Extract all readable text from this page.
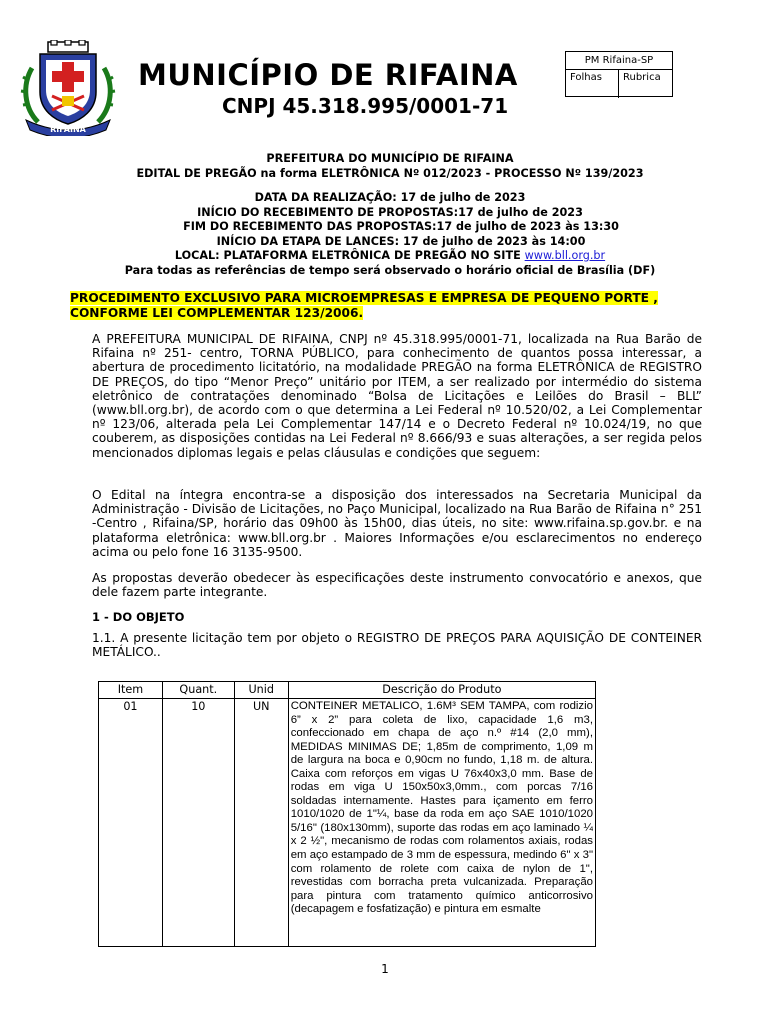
RIFAINA
MUNICÍPIO DE RIFAINA
CNPJ 45.318.995/0001-71
PM Rifaina-SP
Folhas	Rubrica
PREFEITURA DO MUNICÍPIO DE RIFAINA
EDITAL DE PREGÃO na forma ELETRÔNICA Nº 012/2023 - PROCESSO Nº 139/2023
DATA DA REALIZAÇÃO: 17 de julho de 2023
INÍCIO DO RECEBIMENTO DE PROPOSTAS:17 de julho de 2023
FIM DO RECEBIMENTO DAS PROPOSTAS:17 de julho de 2023 às 13:30
INÍCIO DA ETAPA DE LANCES: 17 de julho de 2023 às 14:00
LOCAL: PLATAFORMA ELETRÔNICA DE PREGÃO NO SITE www.bll.org.br
Para todas as referências de tempo será observado o horário oficial de Brasília (DF)
PROCEDIMENTO EXCLUSIVO PARA MICROEMPRESAS E EMPRESA DE PEQUENO PORTE ,
CONFORME LEI COMPLEMENTAR 123/2006.
A PREFEITURA MUNICIPAL DE RIFAINA, CNPJ nº 45.318.995/0001-71, localizada na Rua Barão de Rifaina nº 251- centro, TORNA PÚBLICO, para conhecimento de quantos possa interessar, a abertura de procedimento licitatório, na modalidade PREGÃO na forma ELETRÔNICA de REGISTRO DE PREÇOS, do tipo “Menor Preço” unitário por ITEM, a ser realizado por intermédio do sistema eletrônico de contratações denominado “Bolsa de Licitações e Leilões do Brasil – BLL” (www.bll.org.br), de acordo com o que determina a Lei Federal nº 10.520/02, a Lei Complementar nº 123/06, alterada pela Lei Complementar 147/14 e o Decreto Federal nº 10.024/19, no que couberem, as disposições contidas na Lei Federal nº 8.666/93 e suas alterações, a ser regida pelos mencionados diplomas legais e pelas cláusulas e condições que seguem:
O Edital na íntegra encontra-se a disposição dos interessados na Secretaria Municipal da Administração - Divisão de Licitações, no Paço Municipal, localizado na Rua Barão de Rifaina n° 251 -Centro , Rifaina/SP, horário das 09h00 às 15h00, dias úteis, no site: www.rifaina.sp.gov.br. e na plataforma eletrônica: www.bll.org.br . Maiores Informações e/ou esclarecimentos no endereço acima ou pelo fone 16 3135-9500.
As propostas deverão obedecer às especificações deste instrumento convocatório e anexos, que dele fazem parte integrante.
1 - DO OBJETO
1.1. A presente licitação tem por objeto o REGISTRO DE PREÇOS PARA AQUISIÇÃO DE CONTEINER METÁLICO..
Item	Quant.	Unid	Descrição do Produto
01	10	UN	CONTEINER METALICO, 1.6M³ SEM TAMPA, com rodizio 6” x 2” para coleta de lixo, capacidade 1,6 m3, confeccionado em chapa de aço n.º #14 (2,0 mm), MEDIDAS MINIMAS DE; 1,85m de comprimento, 1,09 m de largura na boca e 0,90cm no fundo, 1,18 m. de altura. Caixa com reforços em vigas U 76x40x3,0 mm. Base de rodas em viga U 150x50x3,0mm., com porcas 7/16 soldadas internamente. Hastes para içamento em ferro 1010/1020 de 1"¼, base da roda em aço SAE 1010/1020 5/16" (180x130mm), suporte das rodas em aço laminado ¼ x 2 ½", mecanismo de rodas com rolamentos axiais, rodas em aço estampado de 3 mm de espessura, medindo 6" x 3" com rolamento de rolete com caixa de nylon de 1", revestidas com borracha preta vulcanizada. Preparação para pintura com tratamento químico anticorrosivo (decapagem e fosfatização) e pintura em esmalte
1
